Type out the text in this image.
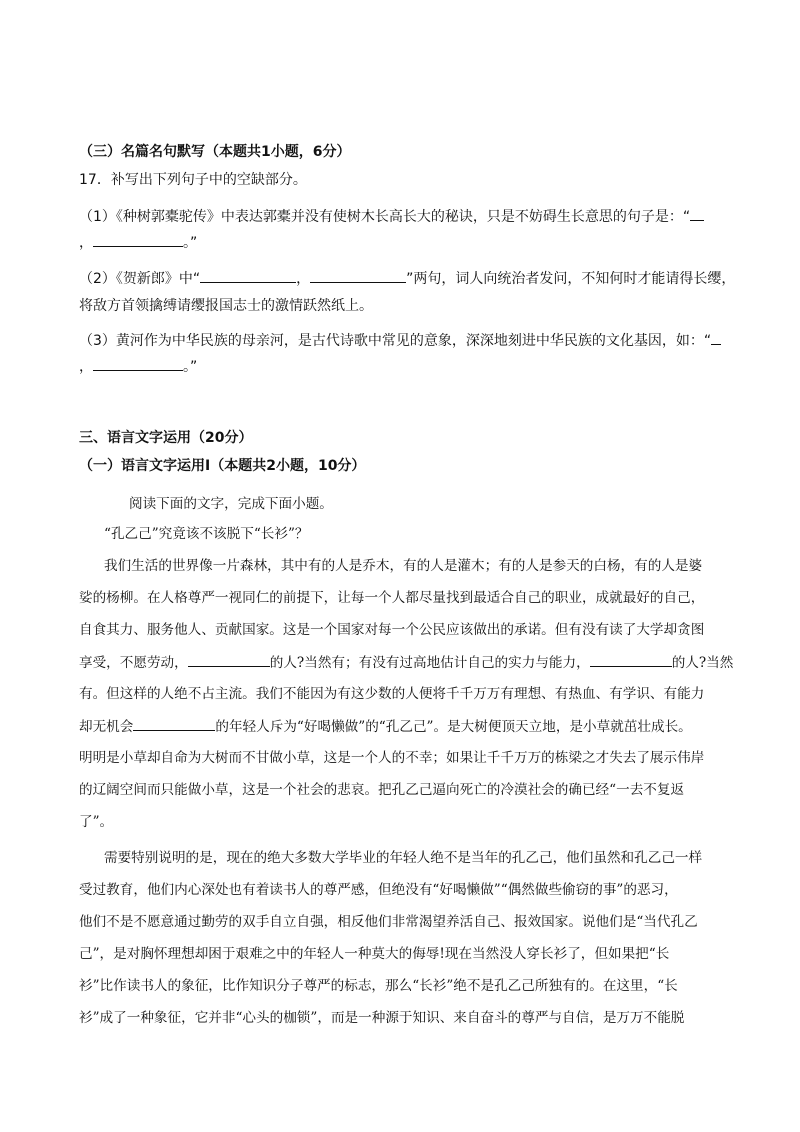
（三）名篇名句默写（本题共1小题，6分）
17．补写出下列句子中的空缺部分。
（1）《种树郭橐驼传》中表达郭橐并没有使树木长高长大的秘诀，只是不妨碍生长意思的句子是：“
，	。”
（2）《贺新郎》中“	，	”两句，词人向统治者发问，不知何时才能请得长缨，
将敌方首领擒缚请缨报国志士的激情跃然纸上。
（3）黄河作为中华民族的母亲河，是古代诗歌中常见的意象，深深地刻进中华民族的文化基因，如：“
，	。”
三、语言文字运用（20分）
（一）语言文字运用Ⅰ（本题共2小题，10分）
阅读下面的文字，完成下面小题。
“孔乙己”究竟该不该脱下“长衫”？
我们生活的世界像一片森林，其中有的人是乔木，有的人是灌木；有的人是参天的白杨，有的人是婆
娑的杨柳。在人格尊严一视同仁的前提下，让每一个人都尽量找到最适合自己的职业，成就最好的自己，
自食其力、服务他人、贡献国家。这是一个国家对每一个公民应该做出的承诺。但有没有读了大学却贪图
享受，不愿劳动，	的人?当然有；有没有过高地估计自己的实力与能力，	的人?当然
有。但这样的人绝不占主流。我们不能因为有这少数的人便将千千万万有理想、有热血、有学识、有能力
却无机会	的年轻人斥为“好喝懒做”的“孔乙己”。是大树便顶天立地，是小草就茁壮成长。
明明是小草却自命为大树而不甘做小草，这是一个人的不幸；如果让千千万万的栋梁之才失去了展示伟岸
的辽阔空间而只能做小草，这是一个社会的悲哀。把孔乙己逼向死亡的冷漠社会的确已经“一去不复返
了”。
需要特别说明的是，现在的绝大多数大学毕业的年轻人绝不是当年的孔乙己，他们虽然和孔乙己一样
受过教育，他们内心深处也有着读书人的尊严感，但绝没有“好喝懒做”“偶然做些偷窃的事”的恶习，
他们不是不愿意通过勤劳的双手自立自强，相反他们非常渴望养活自己、报效国家。说他们是“当代孔乙
己”，是对胸怀理想却困于艰难之中的年轻人一种莫大的侮辱!现在当然没人穿长衫了，但如果把“长
衫”比作读书人的象征，比作知识分子尊严的标志，那么“长衫”绝不是孔乙己所独有的。在这里，“长
衫”成了一种象征，它并非“心头的枷锁”，而是一种源于知识、来自奋斗的尊严与自信，是万万不能脱
